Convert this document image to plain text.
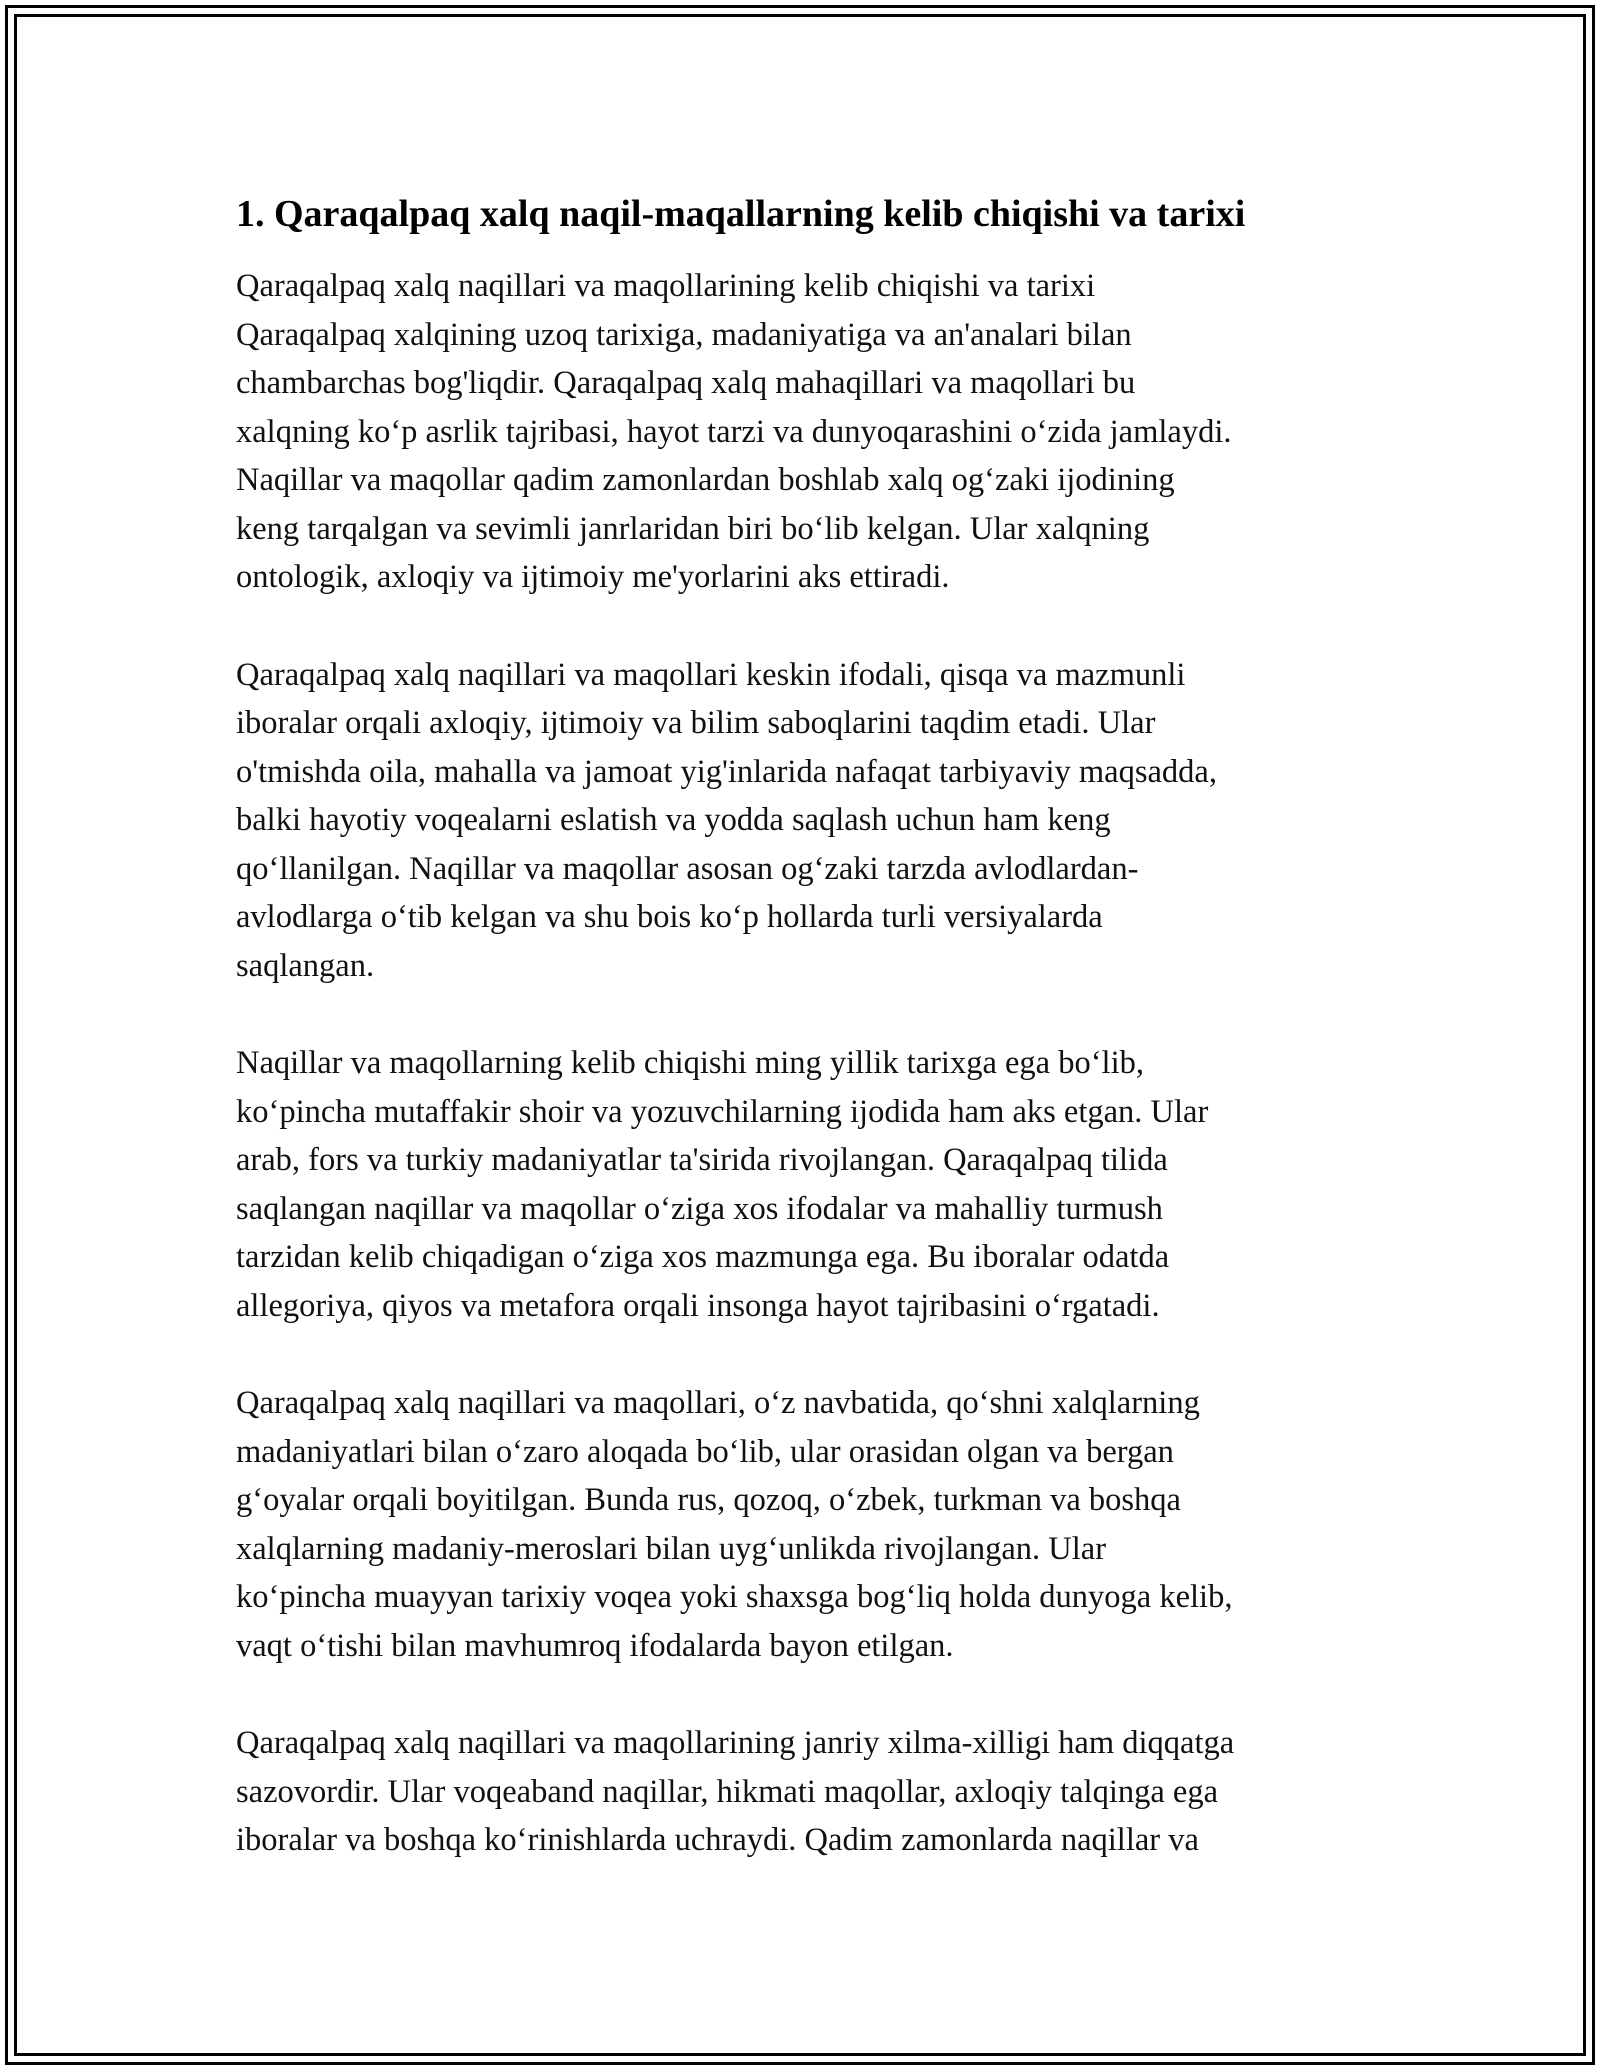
1. Qaraqalpaq xalq naqil-maqallarning kelib chiqishi va tarixi
Qaraqalpaq xalq naqillari va maqollarining kelib chiqishi va tarixi
Qaraqalpaq xalqining uzoq tarixiga, madaniyatiga va an'analari bilan
chambarchas bog'liqdir. Qaraqalpaq xalq mahaqillari va maqollari bu
xalqning koʻp asrlik tajribasi, hayot tarzi va dunyoqarashini oʻzida jamlaydi.
Naqillar va maqollar qadim zamonlardan boshlab xalq ogʻzaki ijodining
keng tarqalgan va sevimli janrlaridan biri boʻlib kelgan. Ular xalqning
ontologik, axloqiy va ijtimoiy me'yorlarini aks ettiradi.
Qaraqalpaq xalq naqillari va maqollari keskin ifodali, qisqa va mazmunli
iboralar orqali axloqiy, ijtimoiy va bilim saboqlarini taqdim etadi. Ular
o'tmishda oila, mahalla va jamoat yig'inlarida nafaqat tarbiyaviy maqsadda,
balki hayotiy voqealarni eslatish va yodda saqlash uchun ham keng
qoʻllanilgan. Naqillar va maqollar asosan ogʻzaki tarzda avlodlardan-
avlodlarga oʻtib kelgan va shu bois koʻp hollarda turli versiyalarda
saqlangan.
Naqillar va maqollarning kelib chiqishi ming yillik tarixga ega boʻlib,
koʻpincha mutaffakir shoir va yozuvchilarning ijodida ham aks etgan. Ular
arab, fors va turkiy madaniyatlar ta'sirida rivojlangan. Qaraqalpaq tilida
saqlangan naqillar va maqollar oʻziga xos ifodalar va mahalliy turmush
tarzidan kelib chiqadigan oʻziga xos mazmunga ega. Bu iboralar odatda
allegoriya, qiyos va metafora orqali insonga hayot tajribasini oʻrgatadi.
Qaraqalpaq xalq naqillari va maqollari, oʻz navbatida, qoʻshni xalqlarning
madaniyatlari bilan oʻzaro aloqada boʻlib, ular orasidan olgan va bergan
gʻoyalar orqali boyitilgan. Bunda rus, qozoq, oʻzbek, turkman va boshqa
xalqlarning madaniy-meroslari bilan uygʻunlikda rivojlangan. Ular
koʻpincha muayyan tarixiy voqea yoki shaxsga bogʻliq holda dunyoga kelib,
vaqt oʻtishi bilan mavhumroq ifodalarda bayon etilgan.
Qaraqalpaq xalq naqillari va maqollarining janriy xilma-xilligi ham diqqatga
sazovordir. Ular voqeaband naqillar, hikmati maqollar, axloqiy talqinga ega
iboralar va boshqa koʻrinishlarda uchraydi. Qadim zamonlarda naqillar va
